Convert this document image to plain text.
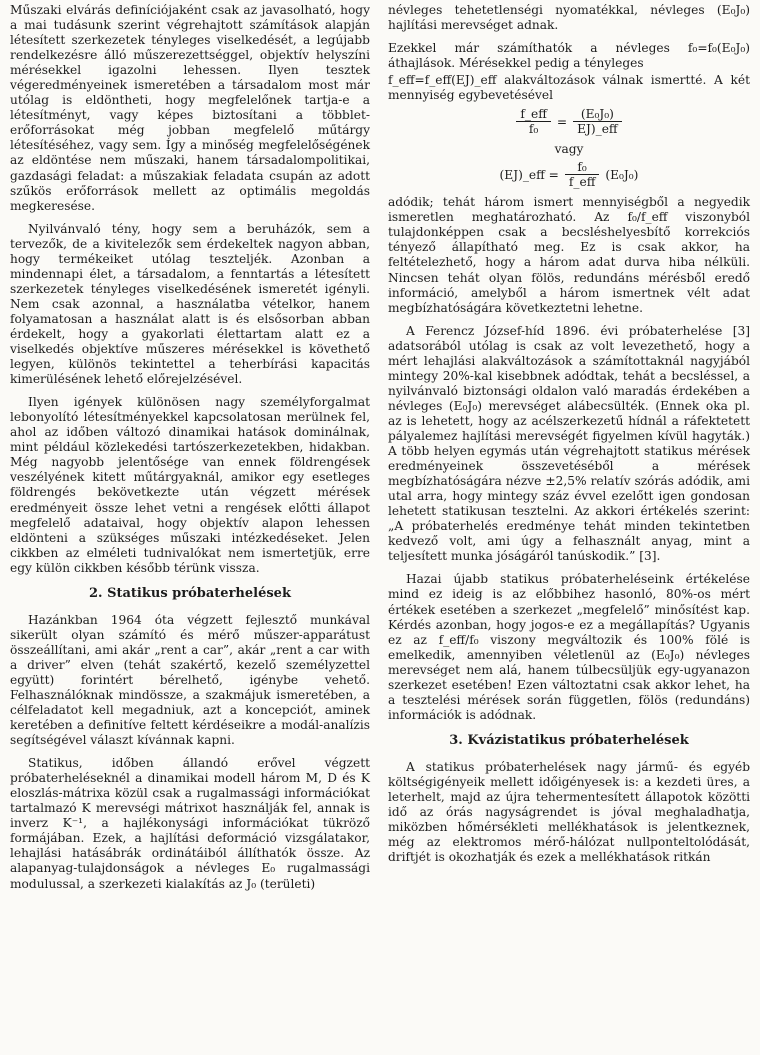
Műszaki elvárás definíciójaként csak az javasolható, hogy a mai tudásunk szerint végrehajtott számítások alapján létesített szerkezetek tényleges viselkedését, a legújabb rendelkezésre álló műszerezettséggel, objektív helyszíni mérésekkel igazolni lehessen. Ilyen tesztek végeredményeinek ismeretében a társadalom most már utólag is eldöntheti, hogy megfelelőnek tartja-e a létesítményt, vagy képes biztosítani a többlet-erőforrásokat még jobban megfelelő műtárgy létesítéséhez, vagy sem. Így a minőség megfelelőségének az eldöntése nem műszaki, hanem társadalompolitikai, gazdasági feladat: a műszakiak feladata csupán az adott szűkös erőforrások mellett az optimális megoldás megkeresése.

Nyilvánvaló tény, hogy sem a beruházók, sem a tervezők, de a kivitelezők sem érdekeltek nagyon abban, hogy termékeiket utólag teszteljék. Azonban a mindennapi élet, a társadalom, a fenntartás a létesített szerkezetek tényleges viselkedésének ismeretét igényli. Nem csak azonnal, a használatba vételkor, hanem folyamatosan a használat alatt is és elsősorban abban érdekelt, hogy a gyakorlati élettartam alatt ez a viselkedés objektíve műszeres mérésekkel is követhető legyen, különös tekintettel a teherbírási kapacitás kimerülésének lehető előrejelzésével.

Ilyen igények különösen nagy személyforgalmat lebonyolító létesítményekkel kapcsolatosan merülnek fel, ahol az időben változó dinamikai hatások dominálnak, mint például közlekedési tartószerkezetekben, hidakban. Még nagyobb jelentősége van ennek földrengések veszélyének kitett műtárgyaknál, amikor egy esetleges földrengés bekövetkezte után végzett mérések eredményeit össze lehet vetni a rengések előtti állapot megfelelő adataival, hogy objektív alapon lehessen eldönteni a szükséges műszaki intézkedéseket. Jelen cikkben az elméleti tudnivalókat nem ismertetjük, erre egy külön cikkben később térünk vissza.

2. Statikus próbaterhelések

Hazánkban 1964 óta végzett fejlesztő munkával sikerült olyan számító és mérő műszer-apparátust összeállítani, ami akár „rent a car”, akár „rent a car with a driver” elven (tehát szakértő, kezelő személyzettel együtt) forintért bérelhető, igénybe vehető. Felhasználóknak mindössze, a szakmájuk ismeretében, a célfeladatot kell megadniuk, azt a koncepciót, aminek keretében a definitíve feltett kérdéseikre a modál-analízis segítségével választ kívánnak kapni.

Statikus, időben állandó erővel végzett próbaterheléseknél a dinamikai modell három M, D és K eloszlás-mátrixa közül csak a rugalmassági információkat tartalmazó K merevségi mátrixot használják fel, annak is inverz K⁻¹, a hajlékonysági információkat tükröző formájában. Ezek, a hajlítási deformáció vizsgálatakor, lehajlási hatásábrák ordinátáiból állíthatók össze. Az alapanyag-tulajdonságok a névleges E₀ rugalmassági modulussal, a szerkezeti kialakítás az J₀ (területi)

névleges tehetetlenségi nyomatékkal, névleges (E₀J₀) hajlítási merevséget adnak.

Ezekkel már számíthatók a névleges f₀=f₀(E₀J₀) áthajlások. Mérésekkel pedig a tényleges

f_eff=f_eff(EJ)_eff alakváltozások válnak ismertté. A két mennyiség egybevetésével

$\frac{\text{f\_eff}}{\text{f₀}} = \frac{\text{(E₀J₀)}}{\text{EJ)\_eff}}$
vagy
(EJ)_eff = $\frac{\text{f₀}}{\text{f\_eff}} (E_0J_0)$

adódik; tehát három ismert mennyiségből a negyedik ismeretlen meghatározható. Az f₀/f_eff viszonyból tulajdonképpen csak a becsléshelyesbítő korrekciós tényező állapítható meg. Ez is csak akkor, ha feltételezhető, hogy a három adat durva hiba nélküli. Nincsen tehát olyan fölös, redundáns mérésből eredő információ, amelyből a három ismertnek vélt adat megbízhatóságára következtetni lehetne.

A Ferencz József-híd 1896. évi próbaterhelése [3] adatsorából utólag is csak az volt levezethető, hogy a mért lehajlási alakváltozások a számítottaknál nagyjából mintegy 20%-kal kisebbnek adódtak, tehát a becsléssel, a nyilvánvaló biztonsági oldalon való maradás érdekében a névleges (E₀J₀) merevséget alábecsülték. (Ennek oka pl. az is lehetett, hogy az acélszerkezetű hídnál a ráfektetett pályalemez hajlítási merevségét figyelmen kívül hagyták.) A több helyen egymás után végrehajtott statikus mérések eredményeinek összevetéséből a mérések megbízhatóságára nézve ±2,5% relatív szórás adódik, ami utal arra, hogy mintegy száz évvel ezelőtt igen gondosan lehetett statikusan tesztelni. Az akkori értékelés szerint: „A próbaterhelés eredménye tehát minden tekintetben kedvező volt, ami úgy a felhasznált anyag, mint a teljesített munka jóságáról tanúskodik.” [3].

Hazai újabb statikus próbaterheléseink értékelése mind ez ideig is az előbbihez hasonló, 80%-os mért értékek esetében a szerkezet „megfelelő” minősítést kap. Kérdés azonban, hogy jogos-e ez a megállapítás? Ugyanis ez az f_eff/f₀ viszony megváltozik és 100% fölé is emelkedik, amennyiben véletlenül az (E₀J₀) névleges merevséget nem alá, hanem túlbecsüljük egy-ugyanazon szerkezet esetében! Ezen változtatni csak akkor lehet, ha a tesztelési mérések során független, fölös (redundáns) információk is adódnak.

3. Kvázistatikus próbaterhelések

A statikus próbaterhelések nagy jármű- és egyéb költségigényeik mellett időigényesek is: a kezdeti üres, a leterhelt, majd az újra tehermentesített állapotok közötti idő az órás nagyságrendet is jóval meghaladhatja, miközben hőmérsékleti mellékhatások is jelentkeznek, még az elektromos mérő-hálózat nullponteltolódását, driftjét is okozhatják és ezek a mellékhatások ritkán
